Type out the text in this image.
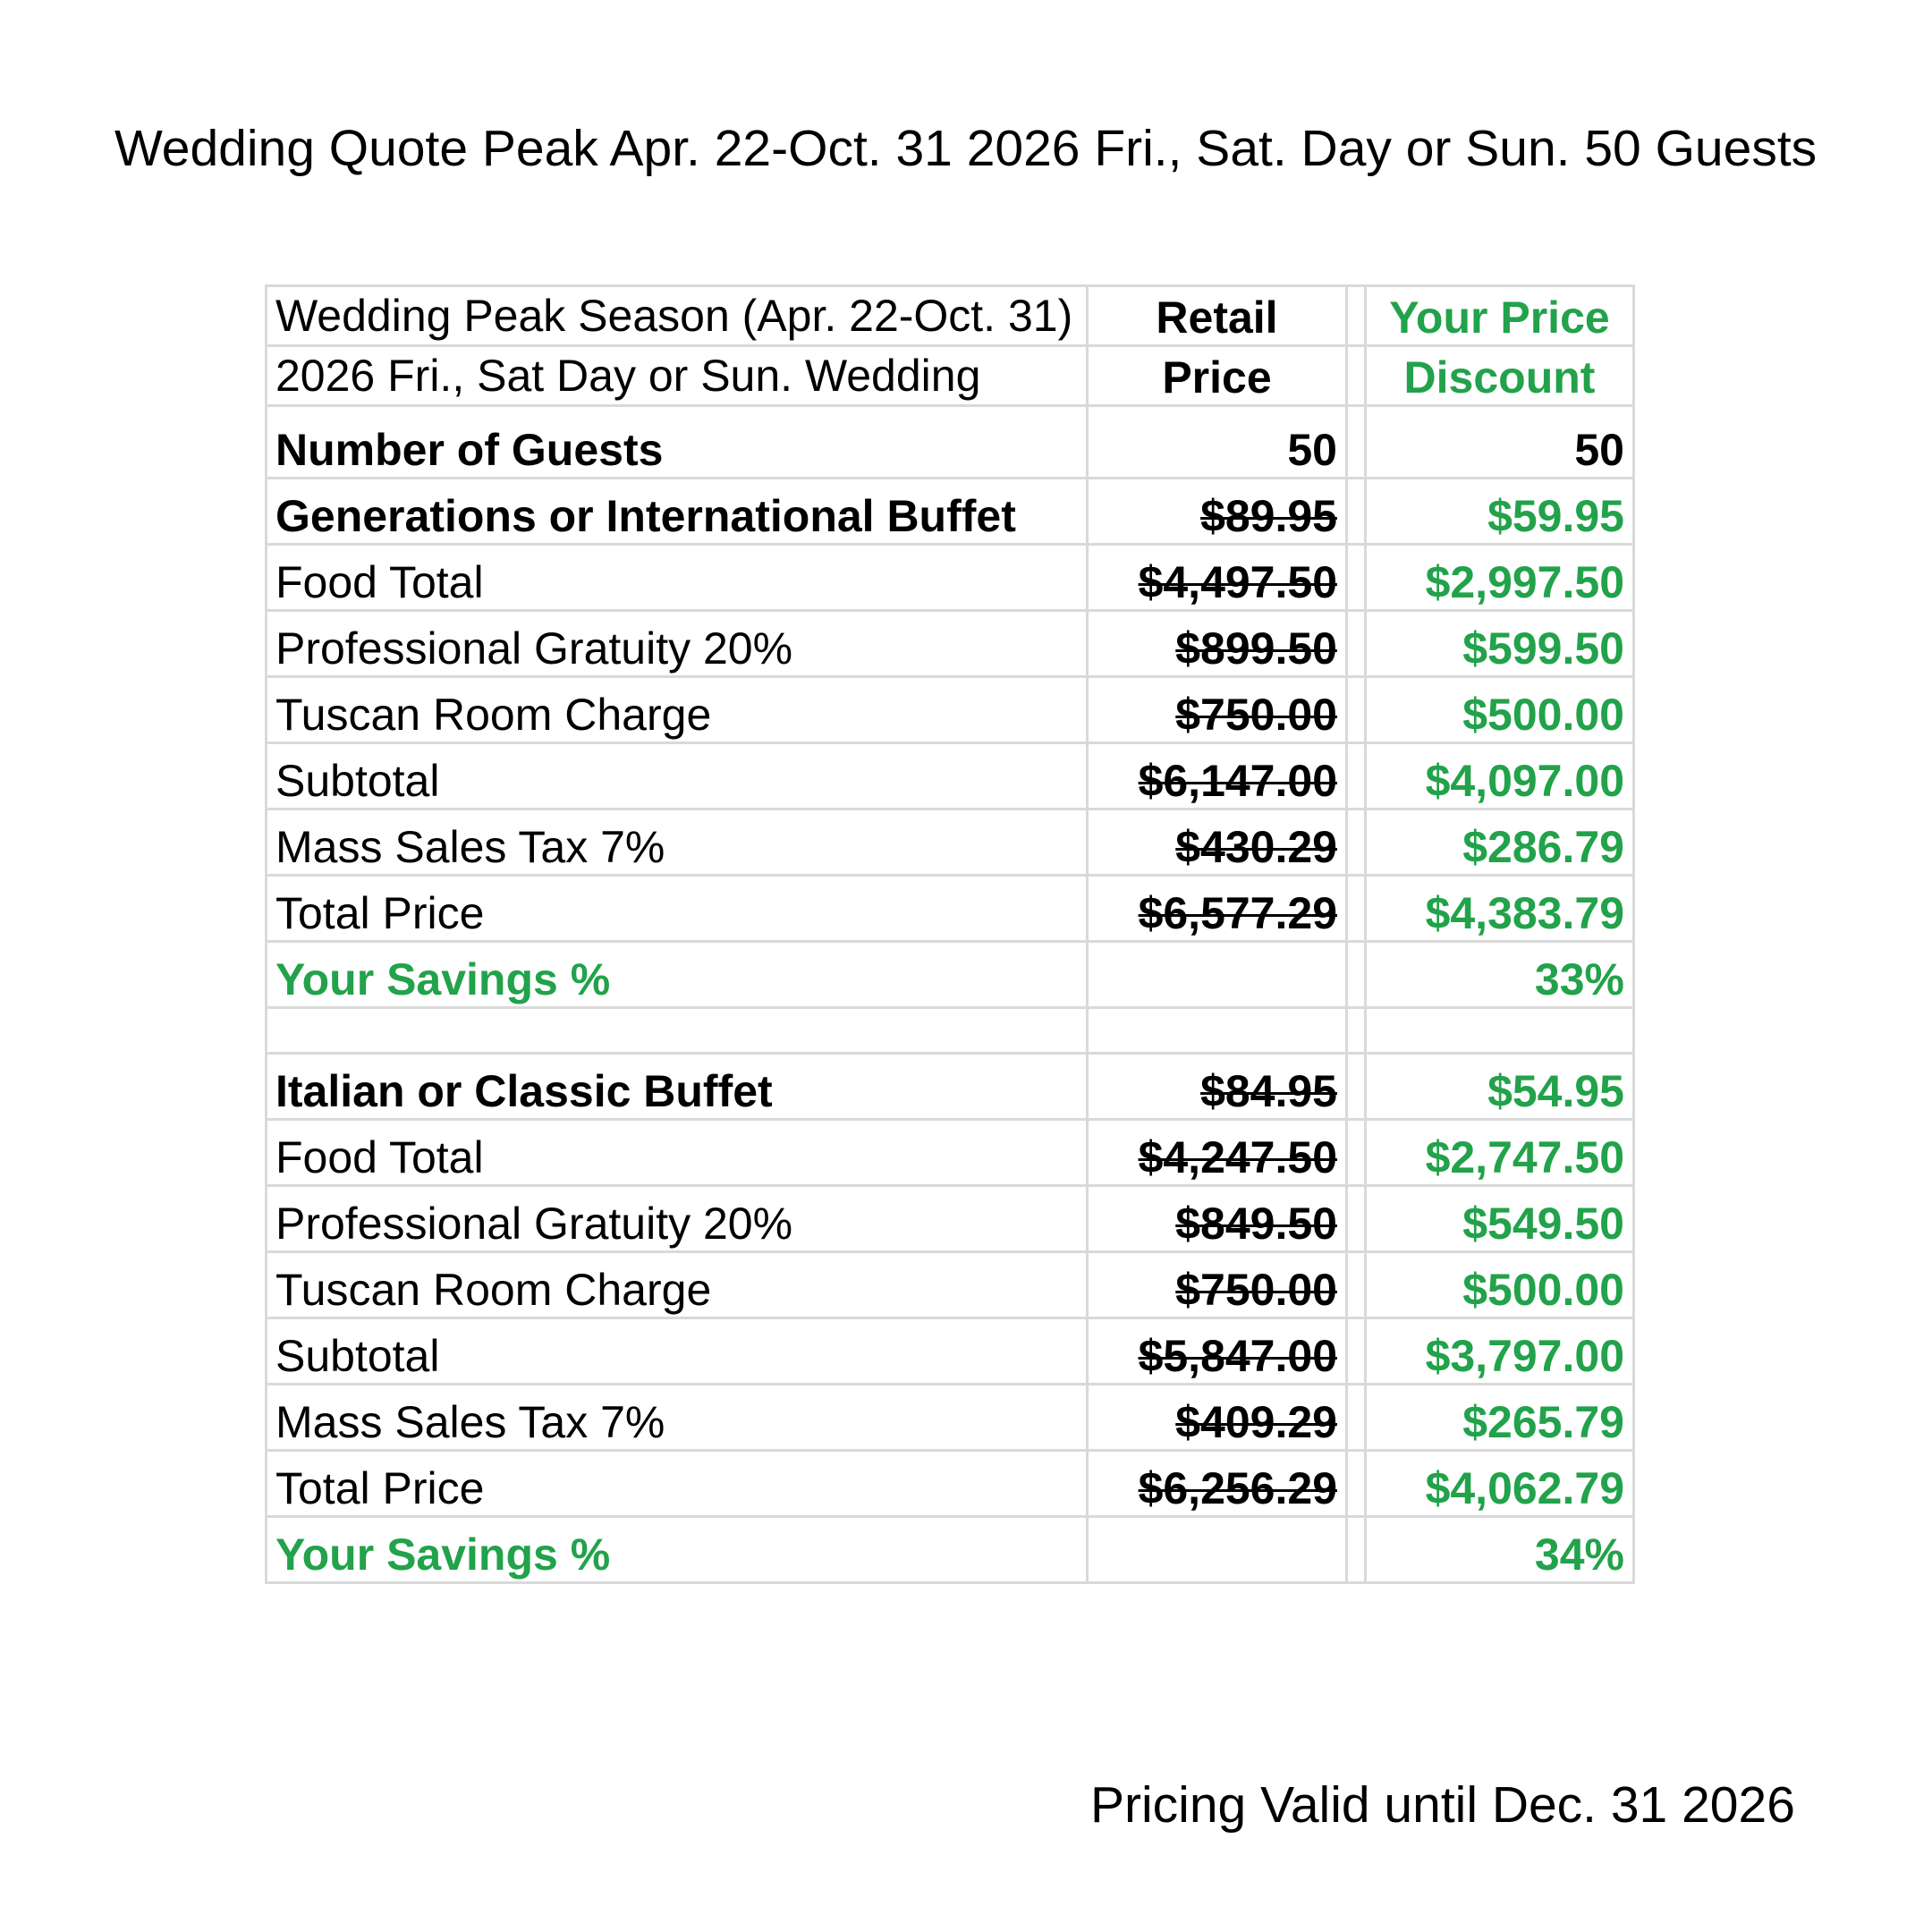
Wedding Quote Peak Apr. 22-Oct. 31 2026 Fri., Sat. Day or Sun. 50 Guests
Wedding Peak Season (Apr. 22-Oct. 31)	Retail		Your Price
2026 Fri., Sat Day or Sun. Wedding	Price		Discount
Number of Guests	50		50
Generations or International Buffet	$89.95		$59.95
Food Total	$4,497.50		$2,997.50
Professional Gratuity 20%	$899.50		$599.50
Tuscan Room Charge	$750.00		$500.00
Subtotal	$6,147.00		$4,097.00
Mass Sales Tax 7%	$430.29		$286.79
Total Price	$6,577.29		$4,383.79
Your Savings %			33%

Italian or Classic Buffet	$84.95		$54.95
Food Total	$4,247.50		$2,747.50
Professional Gratuity 20%	$849.50		$549.50
Tuscan Room Charge	$750.00		$500.00
Subtotal	$5,847.00		$3,797.00
Mass Sales Tax 7%	$409.29		$265.79
Total Price	$6,256.29		$4,062.79
Your Savings %			34%

Pricing Valid until Dec. 31 2026
